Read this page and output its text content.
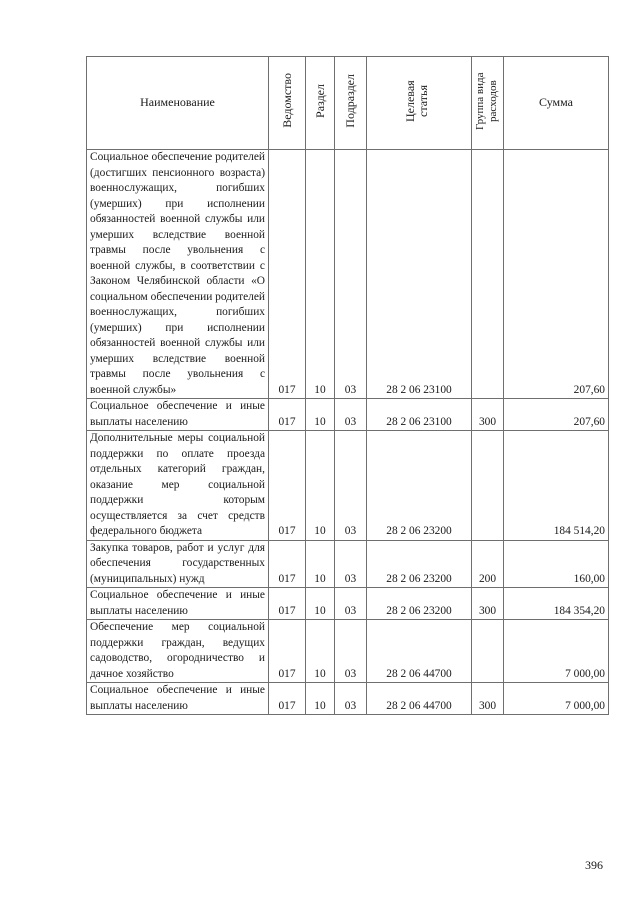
Наименование	Ведомство	Раздел	Подраздел	Целевая статья	Группа вида расходов	Сумма
Социальное обеспечение родителей (достигших пенсионного возраста) военнослужащих, погибших (умерших) при исполнении обязанностей военной службы или умерших вследствие военной травмы после увольнения с военной службы, в соответствии с Законом Челябинской области «О социальном обеспечении родителей военнослужащих, погибших (умерших) при исполнении обязанностей военной службы или умерших вследствие военной травмы после увольнения с военной службы»	017	10	03	28 2 06 23100		207,60
Социальное обеспечение и иные выплаты населению	017	10	03	28 2 06 23100	300	207,60
Дополнительные меры социальной поддержки по оплате проезда отдельных категорий граждан, оказание мер социальной поддержки которым осуществляется за счет средств федерального бюджета	017	10	03	28 2 06 23200		184 514,20
Закупка товаров, работ и услуг для обеспечения государственных (муниципальных) нужд	017	10	03	28 2 06 23200	200	160,00
Социальное обеспечение и иные выплаты населению	017	10	03	28 2 06 23200	300	184 354,20
Обеспечение мер социальной поддержки граждан, ведущих садоводство, огородничество и дачное хозяйство	017	10	03	28 2 06 44700		7 000,00
Социальное обеспечение и иные выплаты населению	017	10	03	28 2 06 44700	300	7 000,00
396
